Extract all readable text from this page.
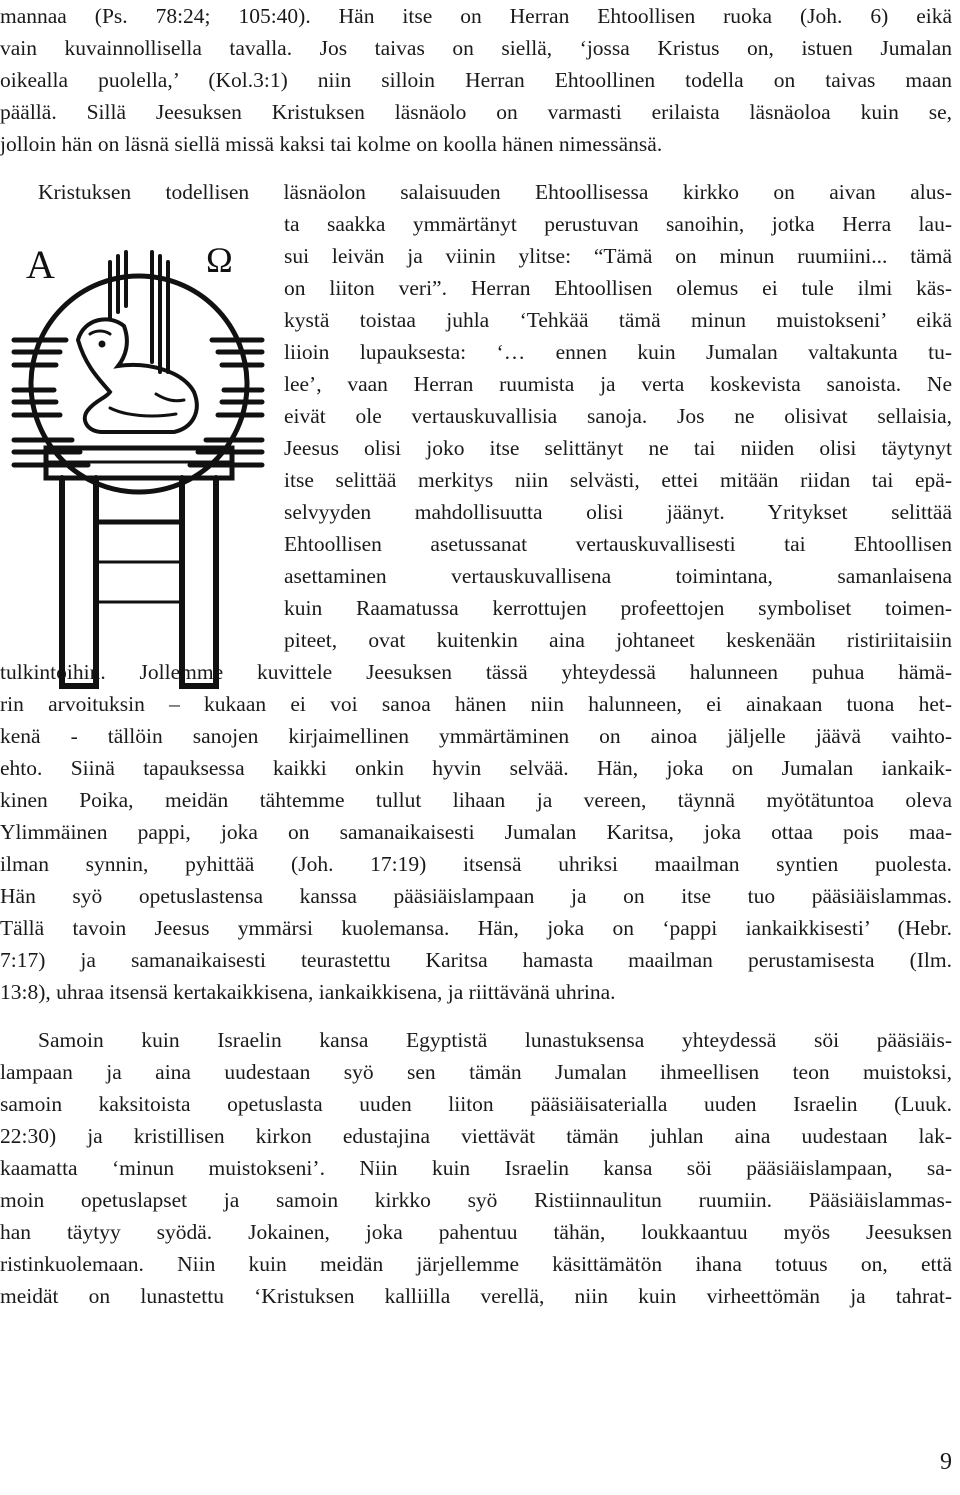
mannaa (Ps. 78:24; 105:40). Hän itse on Herran Ehtoollisen ruoka (Joh. 6) eikä
vain kuvainnollisella tavalla. Jos taivas on siellä, ‘jossa Kristus on, istuen Jumalan
oikealla puolella,’ (Kol.3:1) niin silloin Herran Ehtoollinen todella on taivas maan
päällä. Sillä Jeesuksen Kristuksen läsnäolo on varmasti erilaista läsnäoloa kuin se,
jolloin hän on läsnä siellä missä kaksi tai kolme on koolla hänen nimessänsä.
Kristuksen todellisen läsnäolon salaisuuden Ehtoollisessa kirkko on aivan alus-
ta saakka ymmärtänyt perustuvan sanoihin, jotka Herra lau-
sui leivän ja viinin ylitse: “Tämä on minun ruumiini... tämä
on liiton veri”. Herran Ehtoollisen olemus ei tule ilmi käs-
kystä toistaa juhla ‘Tehkää tämä minun muistokseni’ eikä
liioin lupauksesta: ‘… ennen kuin Jumalan valtakunta tu-
lee’, vaan Herran ruumista ja verta koskevista sanoista. Ne
eivät ole vertauskuvallisia sanoja. Jos ne olisivat sellaisia,
Jeesus olisi joko itse selittänyt ne tai niiden olisi täytynyt
itse selittää merkitys niin selvästi, ettei mitään riidan tai epä-
selvyyden mahdollisuutta olisi jäänyt. Yritykset selittää
Ehtoollisen asetussanat vertauskuvallisesti tai Ehtoollisen
asettaminen vertauskuvallisena toimintana, samanlaisena
kuin Raamatussa kerrottujen profeettojen symboliset toimen-
piteet, ovat kuitenkin aina johtaneet keskenään ristiriitaisiin
tulkintoihin. Jollemme kuvittele Jeesuksen tässä yhteydessä halunneen puhua hämä-
rin arvoituksin – kukaan ei voi sanoa hänen niin halunneen, ei ainakaan tuona het-
kenä - tällöin sanojen kirjaimellinen ymmärtäminen on ainoa jäljelle jäävä vaihto-
ehto. Siinä tapauksessa kaikki onkin hyvin selvää. Hän, joka on Jumalan iankaik-
kinen Poika, meidän tähtemme tullut lihaan ja vereen, täynnä myötätuntoa oleva
Ylimmäinen pappi, joka on samanaikaisesti Jumalan Karitsa, joka ottaa pois maa-
ilman synnin, pyhittää (Joh. 17:19) itsensä uhriksi maailman syntien puolesta.
Hän syö opetuslastensa kanssa pääsiäislampaan ja on itse tuo pääsiäislammas.
Tällä tavoin Jeesus ymmärsi kuolemansa. Hän, joka on ‘pappi iankaikkisesti’ (Hebr.
7:17) ja samanaikaisesti teurastettu Karitsa hamasta maailman perustamisesta (Ilm.
13:8), uhraa itsensä kertakaikkisena, iankaikkisena, ja riittävänä uhrina.
Samoin kuin Israelin kansa Egyptistä lunastuksensa yhteydessä söi pääsiäis-
lampaan ja aina uudestaan syö sen tämän Jumalan ihmeellisen teon muistoksi,
samoin kaksitoista opetuslasta uuden liiton pääsiäisaterialla uuden Israelin (Luuk.
22:30) ja kristillisen kirkon edustajina viettävät tämän juhlan aina uudestaan lak-
kaamatta ‘minun muistokseni’. Niin kuin Israelin kansa söi pääsiäislampaan, sa-
moin opetuslapset ja samoin kirkko syö Ristiinnaulitun ruumiin. Pääsiäislammas-
han täytyy syödä. Jokainen, joka pahentuu tähän, loukkaantuu myös Jeesuksen
ristinkuolemaan. Niin kuin meidän järjellemme käsittämätön ihana totuus on, että
meidät on lunastettu ‘Kristuksen kalliilla verellä, niin kuin virheettömän ja tahrat-
Α	Ω
9
